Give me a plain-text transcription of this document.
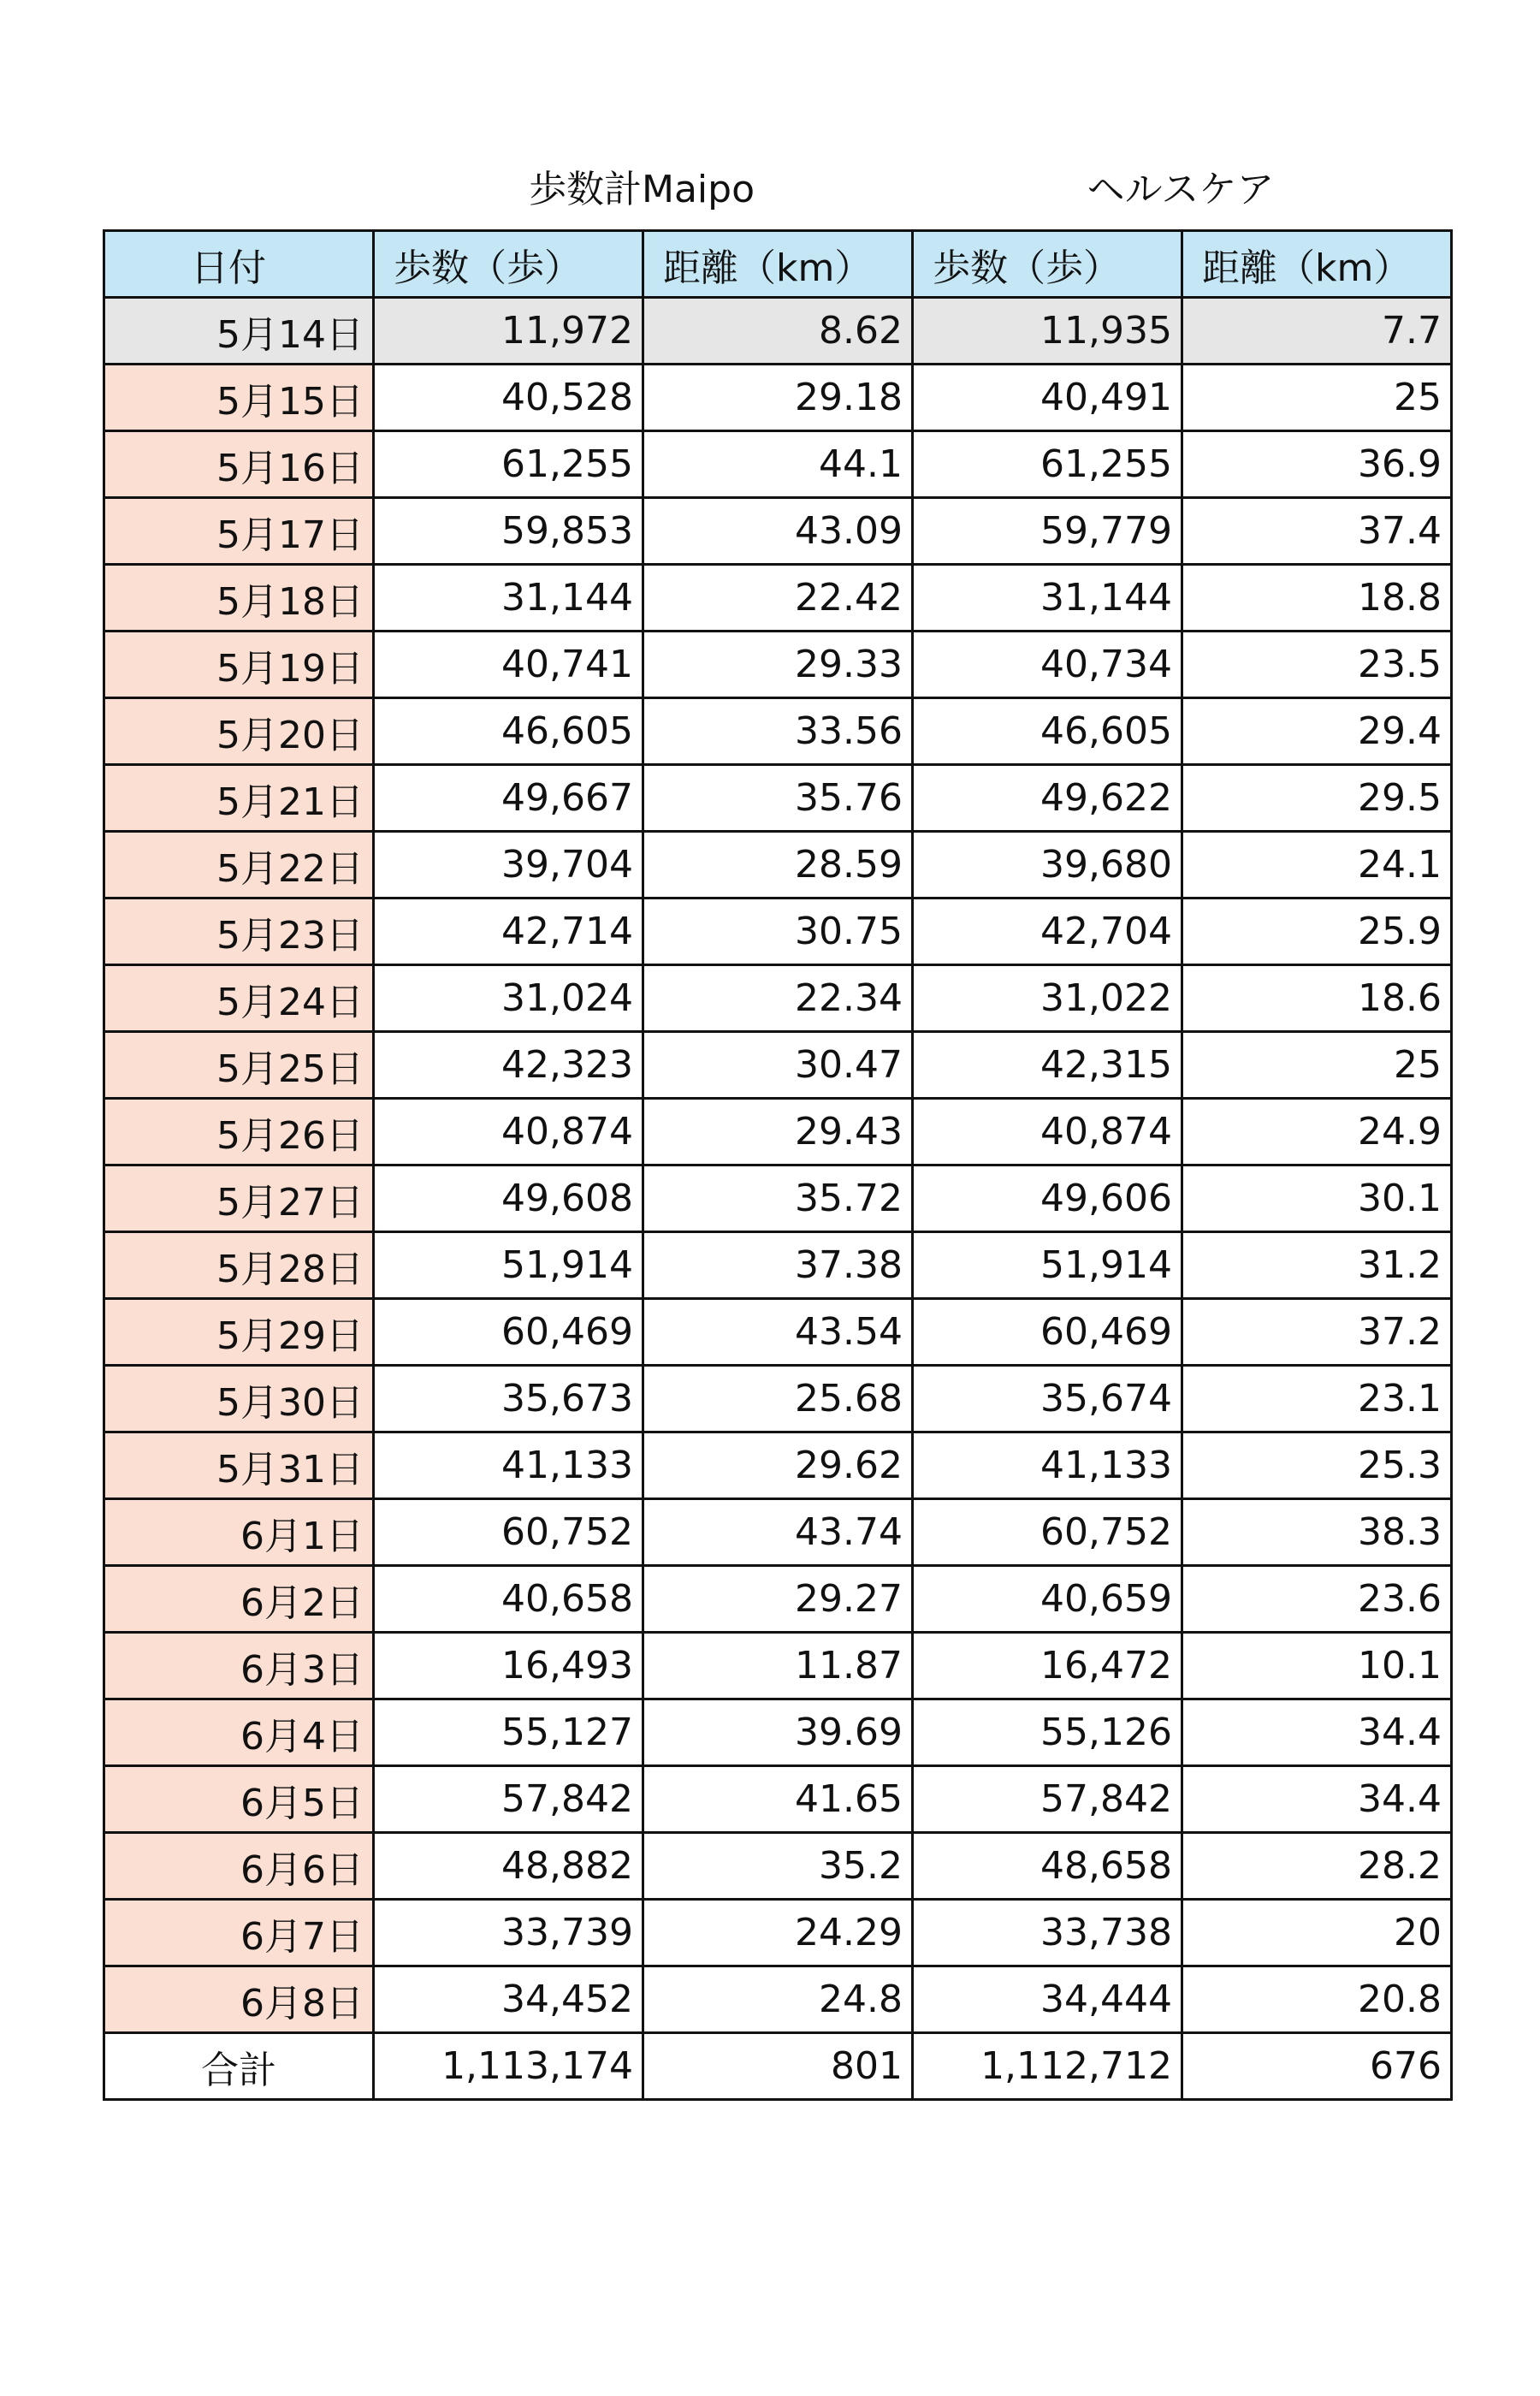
歩数計Maipo	ヘルスケア
日付	歩数（歩）	距離（km）	歩数（歩）	距離（km）
5月14日	11,972	8.62	11,935	7.7
5月15日	40,528	29.18	40,491	25
5月16日	61,255	44.1	61,255	36.9
5月17日	59,853	43.09	59,779	37.4
5月18日	31,144	22.42	31,144	18.8
5月19日	40,741	29.33	40,734	23.5
5月20日	46,605	33.56	46,605	29.4
5月21日	49,667	35.76	49,622	29.5
5月22日	39,704	28.59	39,680	24.1
5月23日	42,714	30.75	42,704	25.9
5月24日	31,024	22.34	31,022	18.6
5月25日	42,323	30.47	42,315	25
5月26日	40,874	29.43	40,874	24.9
5月27日	49,608	35.72	49,606	30.1
5月28日	51,914	37.38	51,914	31.2
5月29日	60,469	43.54	60,469	37.2
5月30日	35,673	25.68	35,674	23.1
5月31日	41,133	29.62	41,133	25.3
6月1日	60,752	43.74	60,752	38.3
6月2日	40,658	29.27	40,659	23.6
6月3日	16,493	11.87	16,472	10.1
6月4日	55,127	39.69	55,126	34.4
6月5日	57,842	41.65	57,842	34.4
6月6日	48,882	35.2	48,658	28.2
6月7日	33,739	24.29	33,738	20
6月8日	34,452	24.8	34,444	20.8
合計	1,113,174	801	1,112,712	676
